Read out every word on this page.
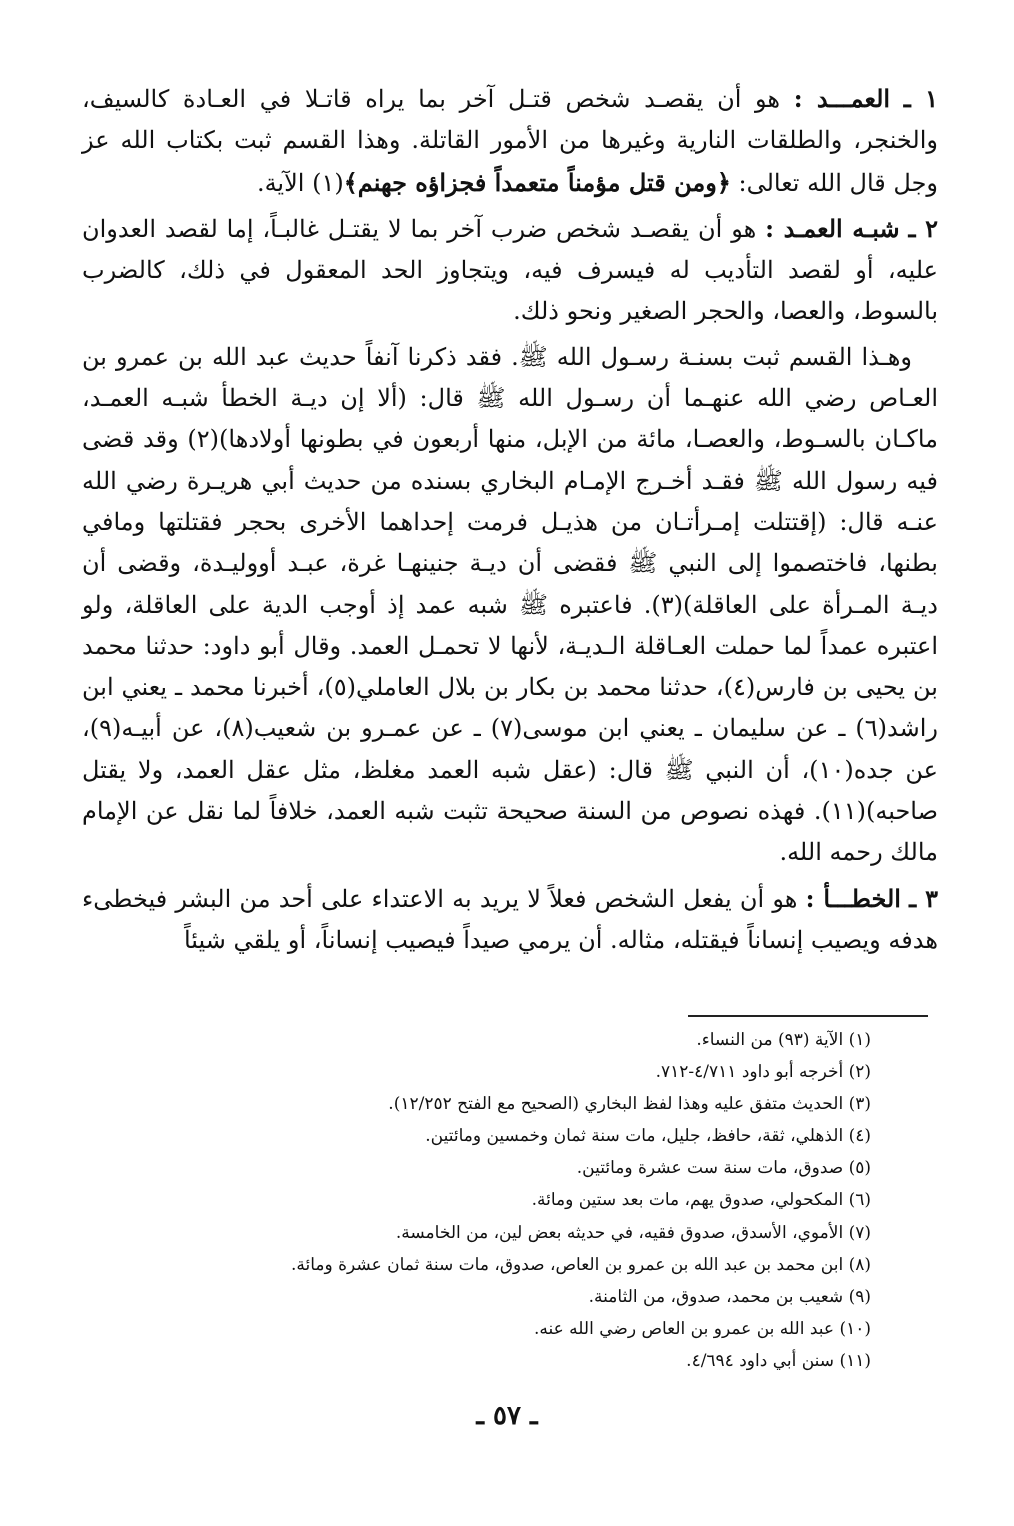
١ ـ العمـــد : هو أن يقصـد شخص قتـل آخر بما يراه قاتـلا في العـادة كالسيف، والخنجر، والطلقات النارية وغيرها من الأمور القاتلة. وهذا القسم ثبت بكتاب الله عز وجل قال الله تعالى: ﴿ومن قتل مؤمناً متعمداً فجزاؤه جهنم﴾(١) الآية.

٢ ـ شبـه العمـد : هو أن يقصـد شخص ضرب آخر بما لا يقتـل غالبـاً، إما لقصد العدوان عليه، أو لقصد التأديب له فيسرف فيه، ويتجاوز الحد المعقول في ذلك، كالضرب بالسوط، والعصا، والحجر الصغير ونحو ذلك.

وهـذا القسم ثبت بسنـة رسـول الله ﷺ. فقد ذكرنا آنفاً حديث عبد الله بن عمرو بن العـاص رضي الله عنهـما أن رسـول الله ﷺ قال: (ألا إن ديـة الخطأ شبـه العمـد، ماكـان بالسـوط، والعصـا، مائة من الإبل، منها أربعون في بطونها أولادها)(٢) وقد قضى فيه رسول الله ﷺ فقـد أخـرج الإمـام البخاري بسنده من حديث أبي هريـرة رضي الله عنـه قال: (إقتتلت إمـرأتـان من هذيـل فرمت إحداهما الأخرى بحجر فقتلتها ومافي بطنها، فاختصموا إلى النبي ﷺ فقضى أن ديـة جنينهـا غرة، عبـد أووليـدة، وقضى أن ديـة المـرأة على العاقلة)(٣). فاعتبره ﷺ شبه عمد إذ أوجب الدية على العاقلة، ولو اعتبره عمداً لما حملت العـاقلة الـديـة، لأنها لا تحمـل العمد. وقال أبو داود: حدثنا محمد بن يحيى بن فارس(٤)، حدثنا محمد بن بكار بن بلال العاملي(٥)، أخبرنا محمد ـ يعني ابن راشد(٦) ـ عن سليمان ـ يعني ابن موسى(٧) ـ عن عمـرو بن شعيب(٨)، عن أبيـه(٩)، عن جده(١٠)، أن النبي ﷺ قال: (عقل شبه العمد مغلظ، مثل عقل العمد، ولا يقتل صاحبه)(١١). فهذه نصوص من السنة صحيحة تثبت شبه العمد، خلافاً لما نقل عن الإمام مالك رحمه الله.

٣ ـ الخطـــأ : هو أن يفعل الشخص فعلاً لا يريد به الاعتداء على أحد من البشر فيخطىء هدفه ويصيب إنساناً فيقتله، مثاله. أن يرمي صيداً فيصيب إنساناً، أو يلقي شيئاً

(١) الآية (٩٣) من النساء.

(٢) أخرجه أبو داود ٤/٧١١-٧١٢.

(٣) الحديث متفق عليه وهذا لفظ البخاري (الصحيح مع الفتح ١٢/٢٥٢).

(٤) الذهلي، ثقة، حافظ، جليل، مات سنة ثمان وخمسين ومائتين.

(٥) صدوق، مات سنة ست عشرة ومائتين.

(٦) المكحولي، صدوق يهم، مات بعد ستين ومائة.

(٧) الأموي، الأسدق، صدوق فقيه، في حديثه بعض لين، من الخامسة.

(٨) ابن محمد بن عبد الله بن عمرو بن العاص، صدوق، مات سنة ثمان عشرة ومائة.

(٩) شعيب بن محمد، صدوق، من الثامنة.

(١٠) عبد الله بن عمرو بن العاص رضي الله عنه.

(١١) سنن أبي داود ٤/٦٩٤.

ـ ٥٧ ـ
